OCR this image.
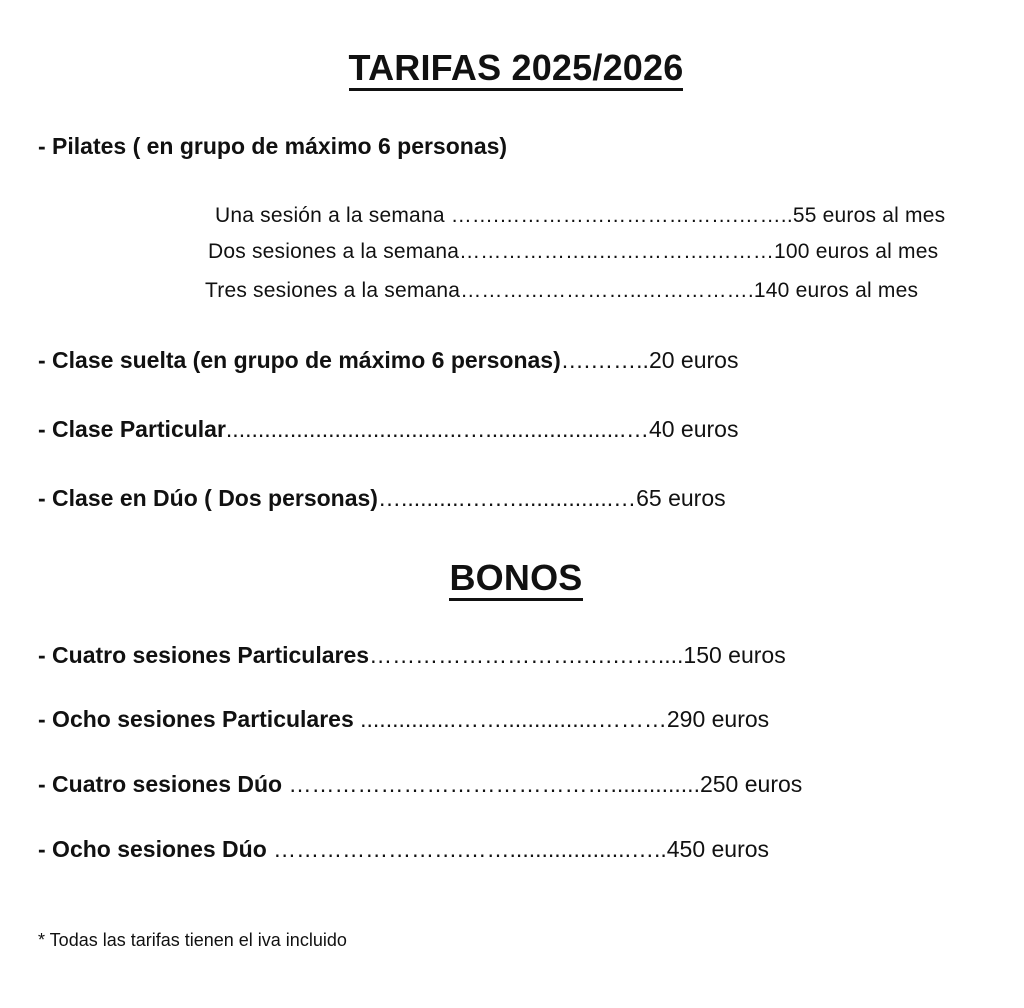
TARIFAS 2025/2026
- Pilates ( en grupo de máximo 6 personas)
Una sesión a la semana …….…………………………….……..55 euros al mes
Dos sesiones a la semana………………..…………….………100 euros al mes
Tres sesiones a la semana……………………..…………….140 euros al mes
- Clase suelta (en grupo de máximo 6 personas)….……..20 euros
- Clase Particular.....................................…......................…40 euros
- Clase en Dúo ( Dos personas)…..........….…...............…65 euros
BONOS
- Cuatro sesiones Particulares……………………….….……....150 euros
- Ocho sesiones Particulares ...............……...............………290 euros
- Cuatro sesiones Dúo ……………………………………..............250 euros
- Ocho sesiones Dúo …………………….……...................…..450 euros
* Todas las tarifas tienen el iva incluido
